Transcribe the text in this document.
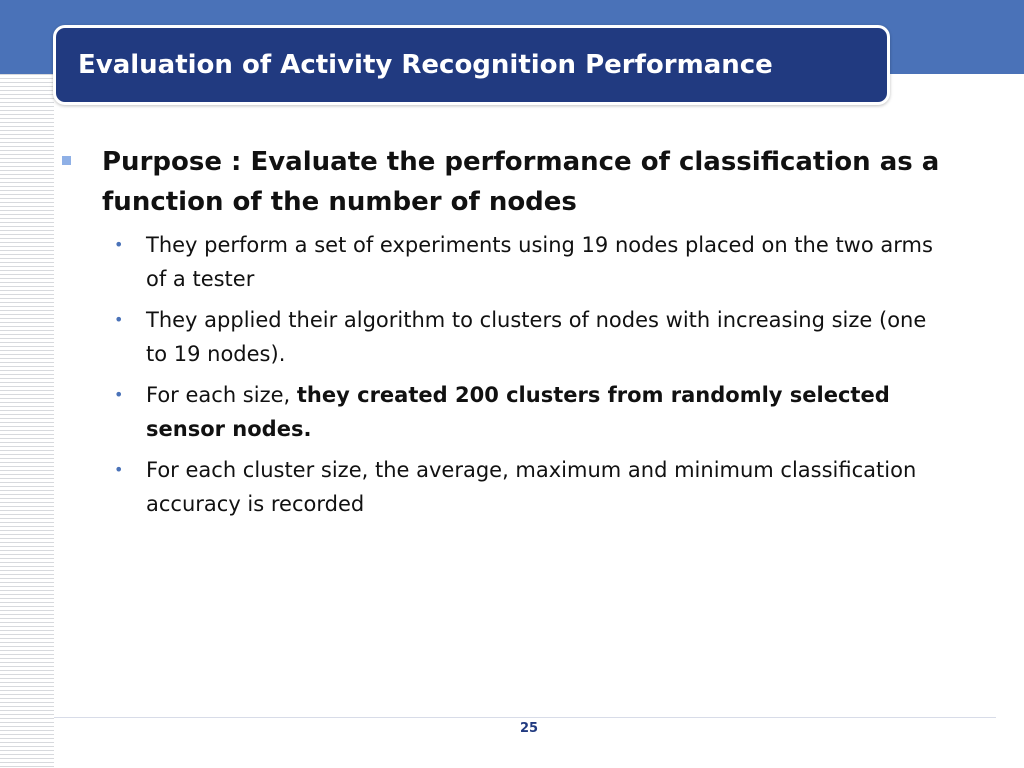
Evaluation of Activity Recognition Performance
Purpose : Evaluate the performance of classification as a function of the number of nodes
•	They perform a set of experiments using 19 nodes placed on the two arms of a tester
•	They applied their algorithm to clusters of nodes with increasing size (one to 19 nodes).
•	For each size, they created 200 clusters from randomly selected sensor nodes.
•	For each cluster size, the average, maximum and minimum classification accuracy is recorded
25
